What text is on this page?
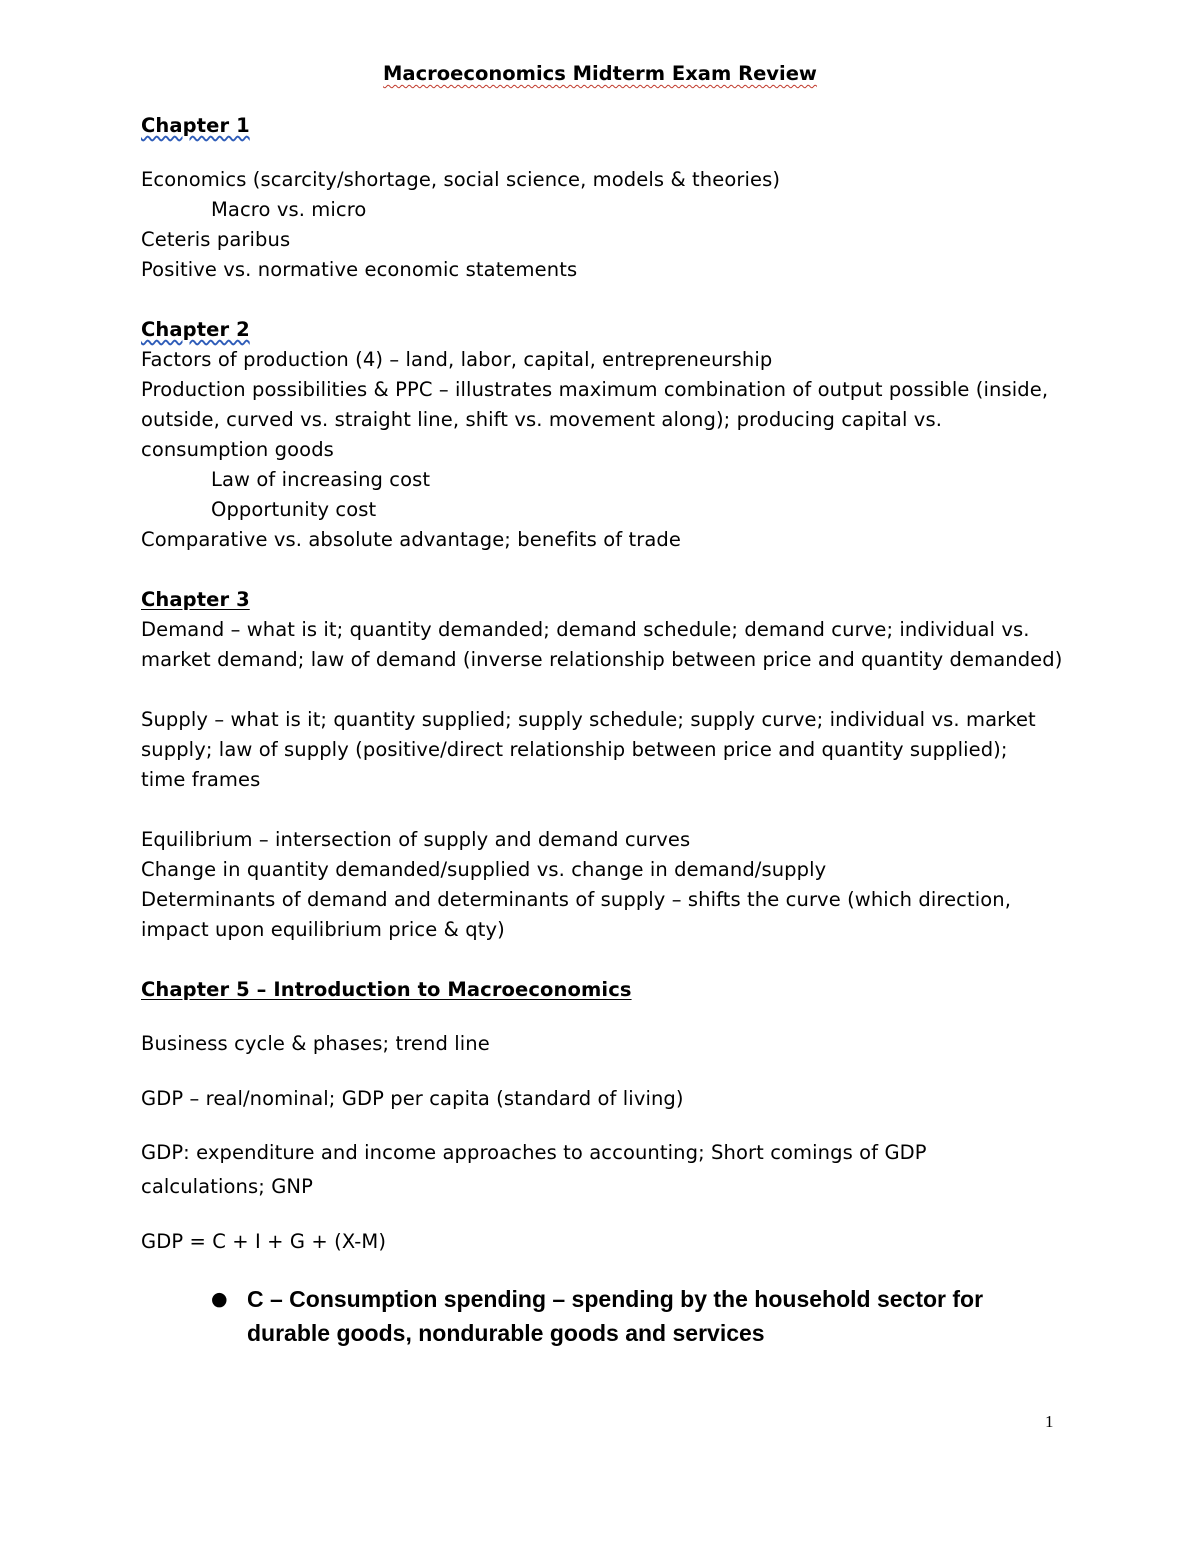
Macroeconomics Midterm Exam Review
Chapter 1
Economics (scarcity/shortage, social science, models & theories)
Macro vs. micro
Ceteris paribus
Positive vs. normative economic statements
Chapter 2
Factors of production (4) – land, labor, capital, entrepreneurship
Production possibilities & PPC – illustrates maximum combination of output possible (inside,
outside, curved vs. straight line, shift vs. movement along); producing capital vs.
consumption goods
Law of increasing cost
Opportunity cost
Comparative vs. absolute advantage; benefits of trade
Chapter 3
Demand – what is it; quantity demanded; demand schedule; demand curve; individual vs.
market demand; law of demand (inverse relationship between price and quantity demanded)
Supply – what is it; quantity supplied; supply schedule; supply curve; individual vs. market
supply; law of supply (positive/direct relationship between price and quantity supplied);
time frames
Equilibrium – intersection of supply and demand curves
Change in quantity demanded/supplied vs. change in demand/supply
Determinants of demand and determinants of supply – shifts the curve (which direction,
impact upon equilibrium price & qty)
Chapter 5 – Introduction to Macroeconomics
Business cycle & phases; trend line
GDP – real/nominal; GDP per capita (standard of living)
GDP: expenditure and income approaches to accounting; Short comings of GDP
calculations; GNP
GDP = C + I + G + (X-M)
● C – Consumption spending – spending by the household sector for durable goods, nondurable goods and services
1
